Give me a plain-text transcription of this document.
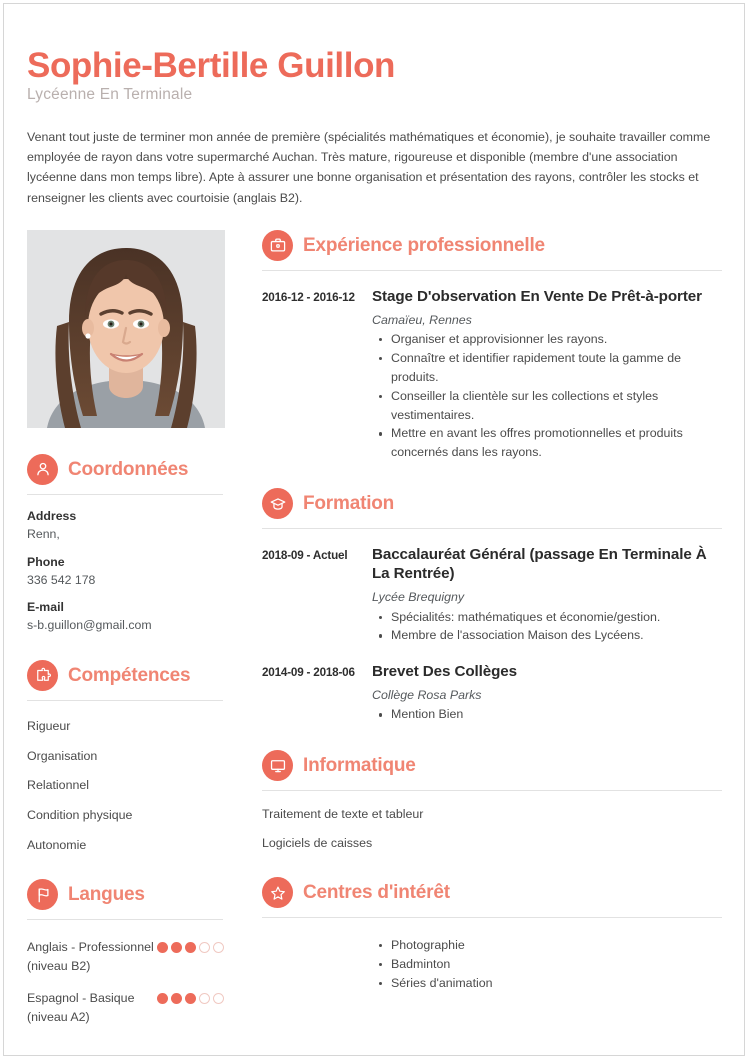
Sophie-Bertille Guillon
Lycéenne En Terminale
Venant tout juste de terminer mon année de première (spécialités mathématiques et économie), je souhaite travailler comme employée de rayon dans votre supermarché Auchan. Très mature, rigoureuse et disponible (membre d'une association lycéenne dans mon temps libre). Apte à assurer une bonne organisation et présentation des rayons, contrôler les stocks et renseigner les clients avec courtoisie (anglais B2).
Coordonnées
Address
Renn,
Phone
336 542 178
E-mail
s-b.guillon@gmail.com
Compétences
Rigueur
Organisation
Relationnel
Condition physique
Autonomie
Langues
Anglais - Professionnel (niveau B2)
Espagnol - Basique (niveau A2)
Expérience professionnelle
2016-12 - 2016-12	Stage D'observation En Vente De Prêt-à-porter
Camaïeu, Rennes
Organiser et approvisionner les rayons.
Connaître et identifier rapidement toute la gamme de produits.
Conseiller la clientèle sur les collections et styles vestimentaires.
Mettre en avant les offres promotionnelles et produits concernés dans les rayons.
Formation
2018-09 - Actuel	Baccalauréat Général (passage En Terminale À La Rentrée)
Lycée Brequigny
Spécialités: mathématiques et économie/gestion.
Membre de l'association Maison des Lycéens.
2014-09 - 2018-06	Brevet Des Collèges
Collège Rosa Parks
Mention Bien
Informatique
Traitement de texte et tableur
Logiciels de caisses
Centres d'intérêt
Photographie
Badminton
Séries d'animation
